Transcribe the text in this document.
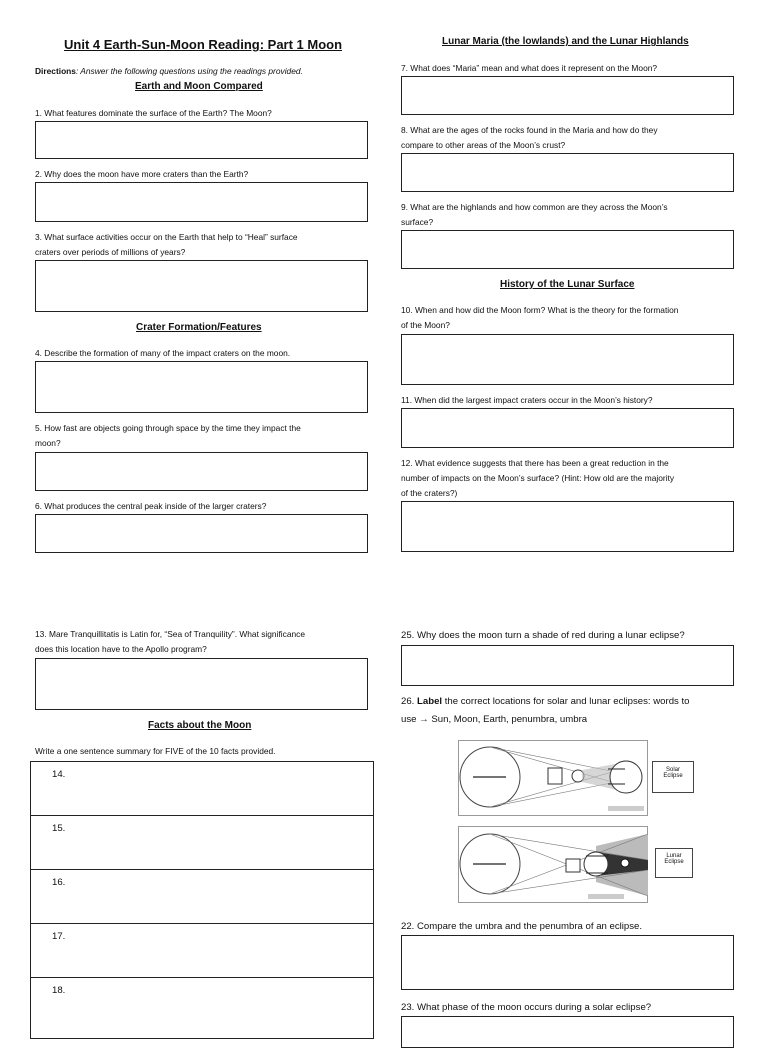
Unit 4 Earth-Sun-Moon Reading: Part 1 Moon
Directions: Answer the following questions using the readings provided.
Earth and Moon Compared
1. What features dominate the surface of the Earth? The Moon?
2. Why does the moon have more craters than the Earth?
3. What surface activities occur on the Earth that help to “Heal” surface
craters over periods of millions of years?
Crater Formation/Features
4. Describe the formation of many of the impact craters on the moon.
5. How fast are objects going through space by the time they impact the
moon?
6. What produces the central peak inside of the larger craters?
Lunar Maria (the lowlands) and the Lunar Highlands
7. What does “Maria” mean and what does it represent on the Moon?
8. What are the ages of the rocks found in the Maria and how do they
compare to other areas of the Moon’s crust?
9. What are the highlands and how common are they across the Moon’s
surface?
History of the Lunar Surface
10. When and how did the Moon form? What is the theory for the formation
of the Moon?
11. When did the largest impact craters occur in the Moon’s history?
12. What evidence suggests that there has been a great reduction in the
number of impacts on the Moon’s surface? (Hint: How old are the majority
of the craters?)
13. Mare Tranquillitatis is Latin for, “Sea of Tranquility”. What significance
does this location have to the Apollo program?
Facts about the Moon
Write a one sentence summary for FIVE of the 10 facts provided.
14.
15.
16.
17.
18.
25. Why does the moon turn a shade of red during a lunar eclipse?
26. Label the correct locations for solar and lunar eclipses: words to
use → Sun, Moon, Earth, penumbra, umbra
Solar
Eclipse
Lunar
Eclipse
22. Compare the umbra and the penumbra of an eclipse.
23. What phase of the moon occurs during a solar eclipse?
